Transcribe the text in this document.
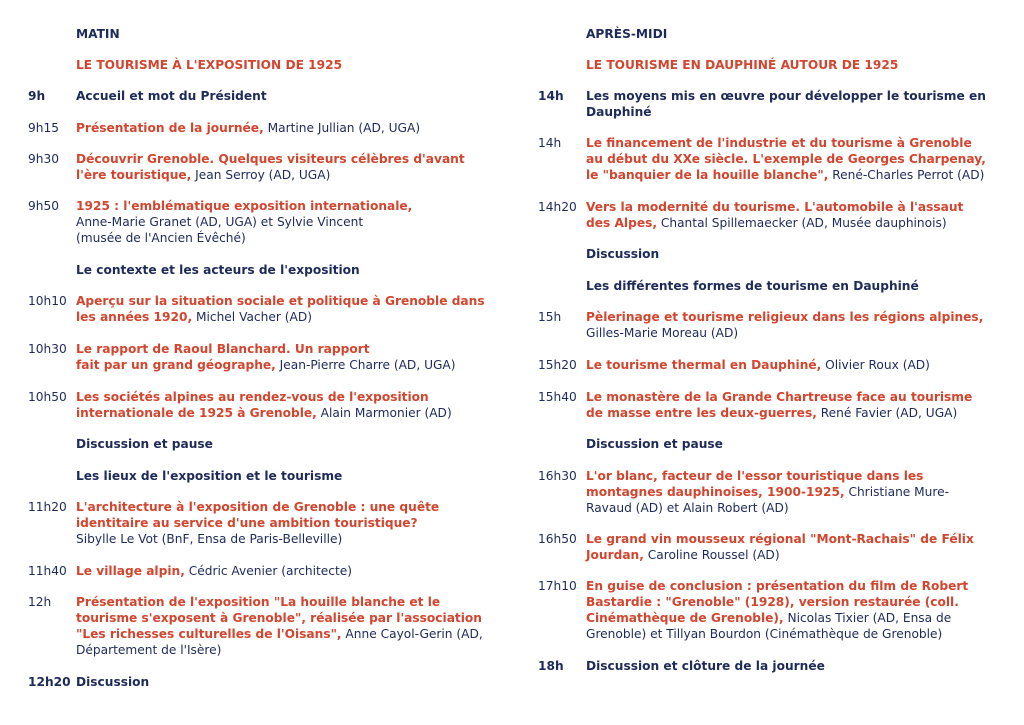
MATIN
LE TOURISME À L'EXPOSITION DE 1925
9h	Accueil et mot du Président
9h15 Présentation de la journée, Martine Jullian (AD, UGA)
9h30 Découvrir Grenoble. Quelques visiteurs célèbres d'avant l'ère touristique, Jean Serroy (AD, UGA)
9h50 1925 : l'emblématique exposition internationale,
Anne-Marie Granet (AD, UGA) et Sylvie Vincent
(musée de l'Ancien Évêché)
Le contexte et les acteurs de l'exposition
10h10 Aperçu sur la situation sociale et politique à Grenoble dans les années 1920, Michel Vacher (AD)
10h30 Le rapport de Raoul Blanchard. Un rapport
fait par un grand géographe, Jean-Pierre Charre (AD, UGA)
10h50 Les sociétés alpines au rendez-vous de l'exposition internationale de 1925 à Grenoble, Alain Marmonier (AD)
Discussion et pause
Les lieux de l'exposition et le tourisme
11h20 L'architecture à l'exposition de Grenoble : une quête identitaire au service d'une ambition touristique?
Sibylle Le Vot (BnF, Ensa de Paris-Belleville)
11h40 Le village alpin, Cédric Avenier (architecte)
12h Présentation de l'exposition "La houille blanche et le tourisme s'exposent à Grenoble", réalisée par l'association "Les richesses culturelles de l'Oisans", Anne Cayol-Gerin (AD, Département de l'Isère)
12h20 Discussion
APRÈS-MIDI
LE TOURISME EN DAUPHINÉ AUTOUR DE 1925
14h Les moyens mis en œuvre pour développer le tourisme en Dauphiné
14h Le financement de l'industrie et du tourisme à Grenoble au début du XXe siècle. L'exemple de Georges Charpenay, le "banquier de la houille blanche", René-Charles Perrot (AD)
14h20 Vers la modernité du tourisme. L'automobile à l'assaut des Alpes, Chantal Spillemaecker (AD, Musée dauphinois)
Discussion
Les différentes formes de tourisme en Dauphiné
15h Pèlerinage et tourisme religieux dans les régions alpines,
Gilles-Marie Moreau (AD)
15h20 Le tourisme thermal en Dauphiné, Olivier Roux (AD)
15h40 Le monastère de la Grande Chartreuse face au tourisme de masse entre les deux-guerres, René Favier (AD, UGA)
Discussion et pause
16h30 L'or blanc, facteur de l'essor touristique dans les montagnes dauphinoises, 1900-1925, Christiane Mure-Ravaud (AD) et Alain Robert (AD)
16h50 Le grand vin mousseux régional "Mont-Rachais" de Félix Jourdan, Caroline Roussel (AD)
17h10 En guise de conclusion : présentation du film de Robert Bastardie : "Grenoble" (1928), version restaurée (coll. Cinémathèque de Grenoble), Nicolas Tixier (AD, Ensa de Grenoble) et Tillyan Bourdon (Cinémathèque de Grenoble)
18h Discussion et clôture de la journée
